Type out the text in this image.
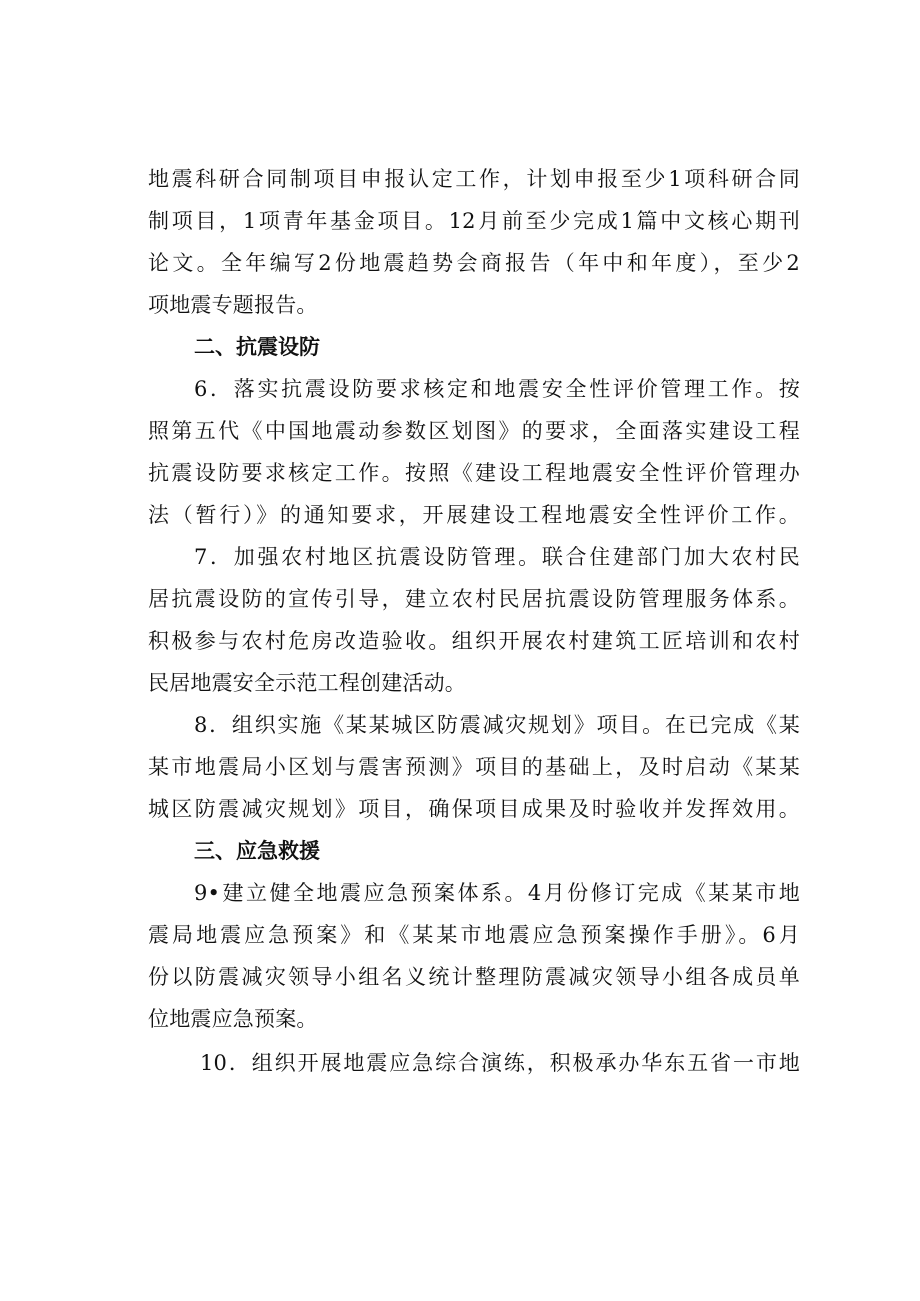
地震科研合同制项目申报认定工作，计划申报至少1项科研合同
制项目，1项青年基金项目。12月前至少完成1篇中文核心期刊
论文。全年编写2份地震趋势会商报告（年中和年度），至少2
项地震专题报告。
二、抗震设防
6．落实抗震设防要求核定和地震安全性评价管理工作。按
照第五代《中国地震动参数区划图》的要求，全面落实建设工程
抗震设防要求核定工作。按照《建设工程地震安全性评价管理办
法（暂行）》的通知要求，开展建设工程地震安全性评价工作。
7．加强农村地区抗震设防管理。联合住建部门加大农村民
居抗震设防的宣传引导，建立农村民居抗震设防管理服务体系。
积极参与农村危房改造验收。组织开展农村建筑工匠培训和农村
民居地震安全示范工程创建活动。
8．组织实施《某某城区防震减灾规划》项目。在已完成《某
某市地震局小区划与震害预测》项目的基础上，及时启动《某某
城区防震减灾规划》项目，确保项目成果及时验收并发挥效用。
三、应急救援
9•建立健全地震应急预案体系。4月份修订完成《某某市地
震局地震应急预案》和《某某市地震应急预案操作手册》。6月
份以防震减灾领导小组名义统计整理防震减灾领导小组各成员单
位地震应急预案。
10．组织开展地震应急综合演练，积极承办华东五省一市地
